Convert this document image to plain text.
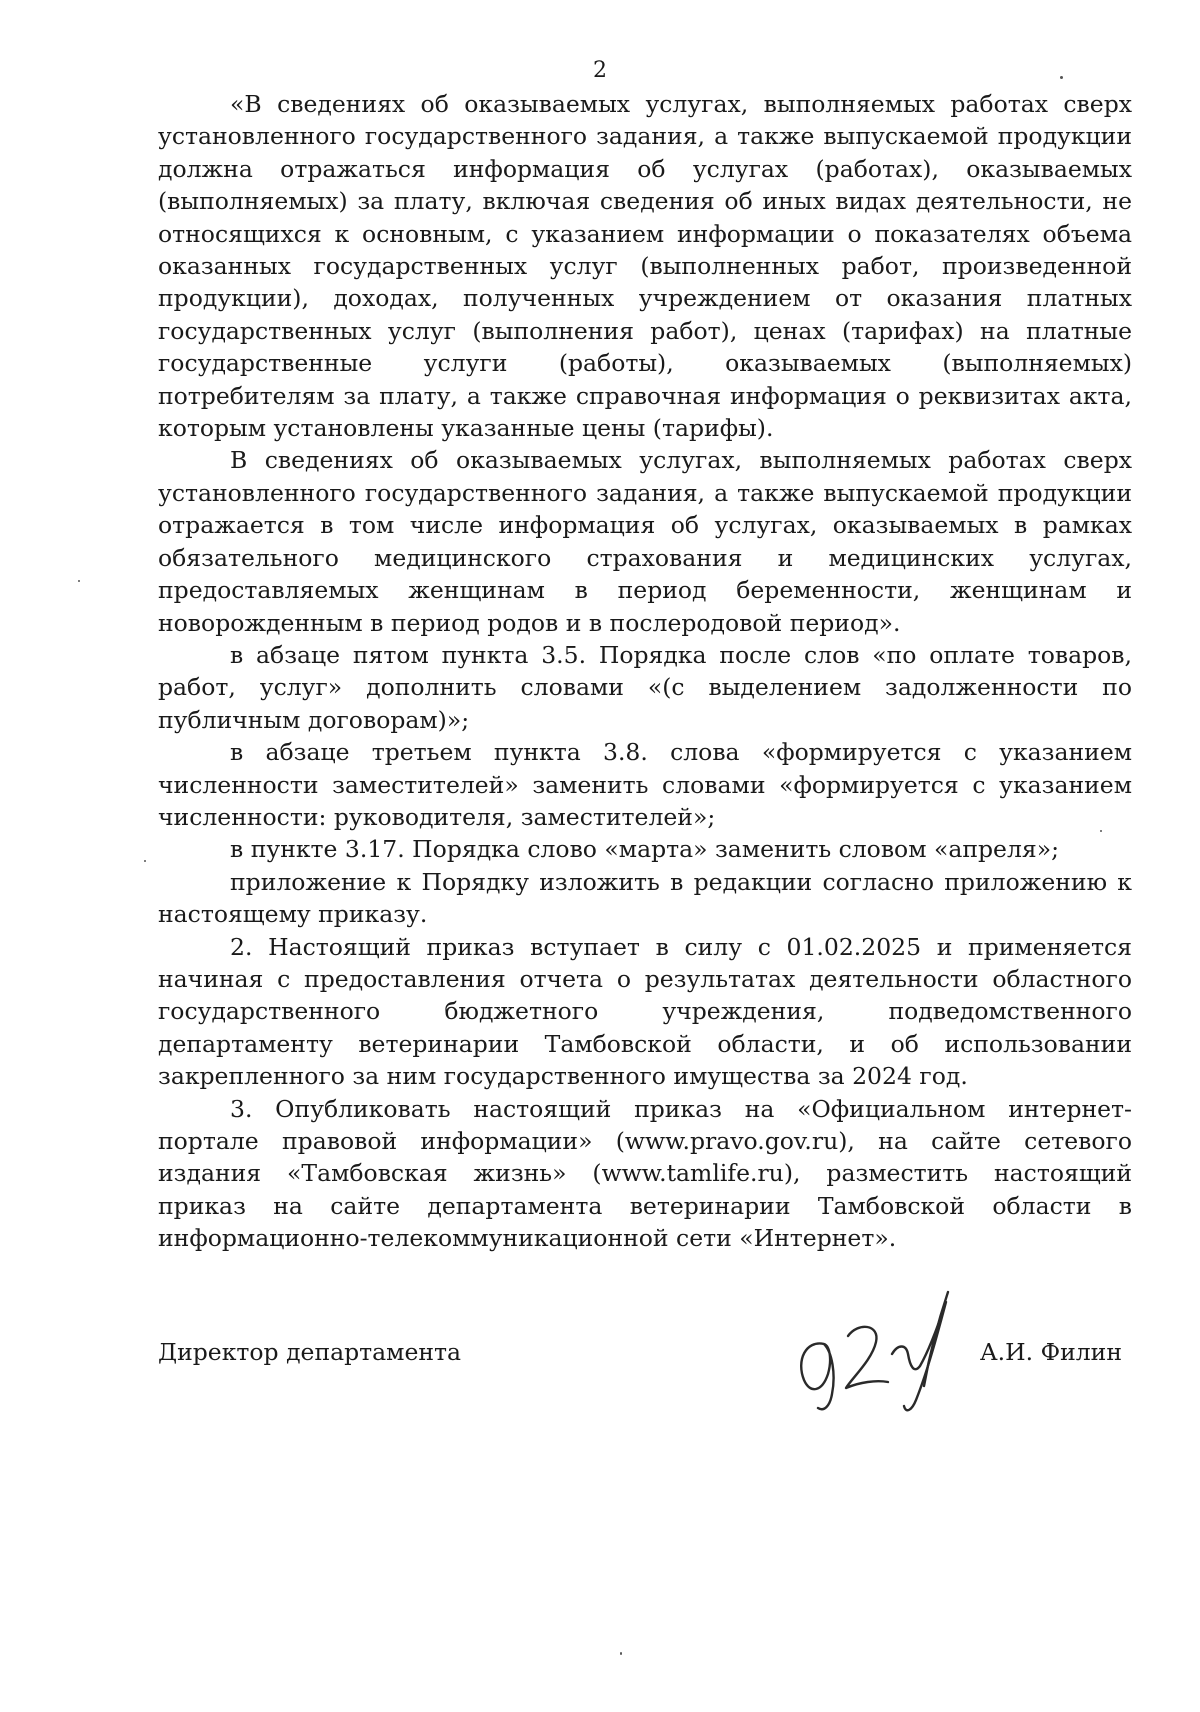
2

«В сведениях об оказываемых услугах, выполняемых работах сверх установленного государственного задания, а также выпускаемой продукции должна отражаться информация об услугах (работах), оказываемых (выполняемых) за плату, включая сведения об иных видах деятельности, не относящихся к основным, с указанием информации о показателях объема оказанных государственных услуг (выполненных работ, произведенной продукции), доходах, полученных учреждением от оказания платных государственных услуг (выполнения работ), ценах (тарифах) на платные государственные услуги (работы), оказываемых (выполняемых) потребителям за плату, а также справочная информация о реквизитах акта, которым установлены указанные цены (тарифы).

В сведениях об оказываемых услугах, выполняемых работах сверх установленного государственного задания, а также выпускаемой продукции отражается в том числе информация об услугах, оказываемых в рамках обязательного медицинского страхования и медицинских услугах, предоставляемых женщинам в период беременности, женщинам и новорожденным в период родов и в послеродовой период».

в абзаце пятом пункта 3.5. Порядка после слов «по оплате товаров, работ, услуг» дополнить словами «(с выделением задолженности по публичным договорам)»;

в абзаце третьем пункта 3.8. слова «формируется с указанием численности заместителей» заменить словами «формируется с указанием численности: руководителя, заместителей»;

в пункте 3.17. Порядка слово «марта» заменить словом «апреля»;

приложение к Порядку изложить в редакции согласно приложению к настоящему приказу.

2. Настоящий приказ вступает в силу с 01.02.2025 и применяется начиная с предоставления отчета о результатах деятельности областного государственного бюджетного учреждения, подведомственного департаменту ветеринарии Тамбовской области, и об использовании закрепленного за ним государственного имущества за 2024 год.

3. Опубликовать настоящий приказ на «Официальном интернет-портале правовой информации» (www.pravo.gov.ru), на сайте сетевого издания «Тамбовская жизнь» (www.tamlife.ru), разместить настоящий приказ на сайте департамента ветеринарии Тамбовской области в информационно-телекоммуникационной сети «Интернет».

Директор департамента	А.И. Филин
